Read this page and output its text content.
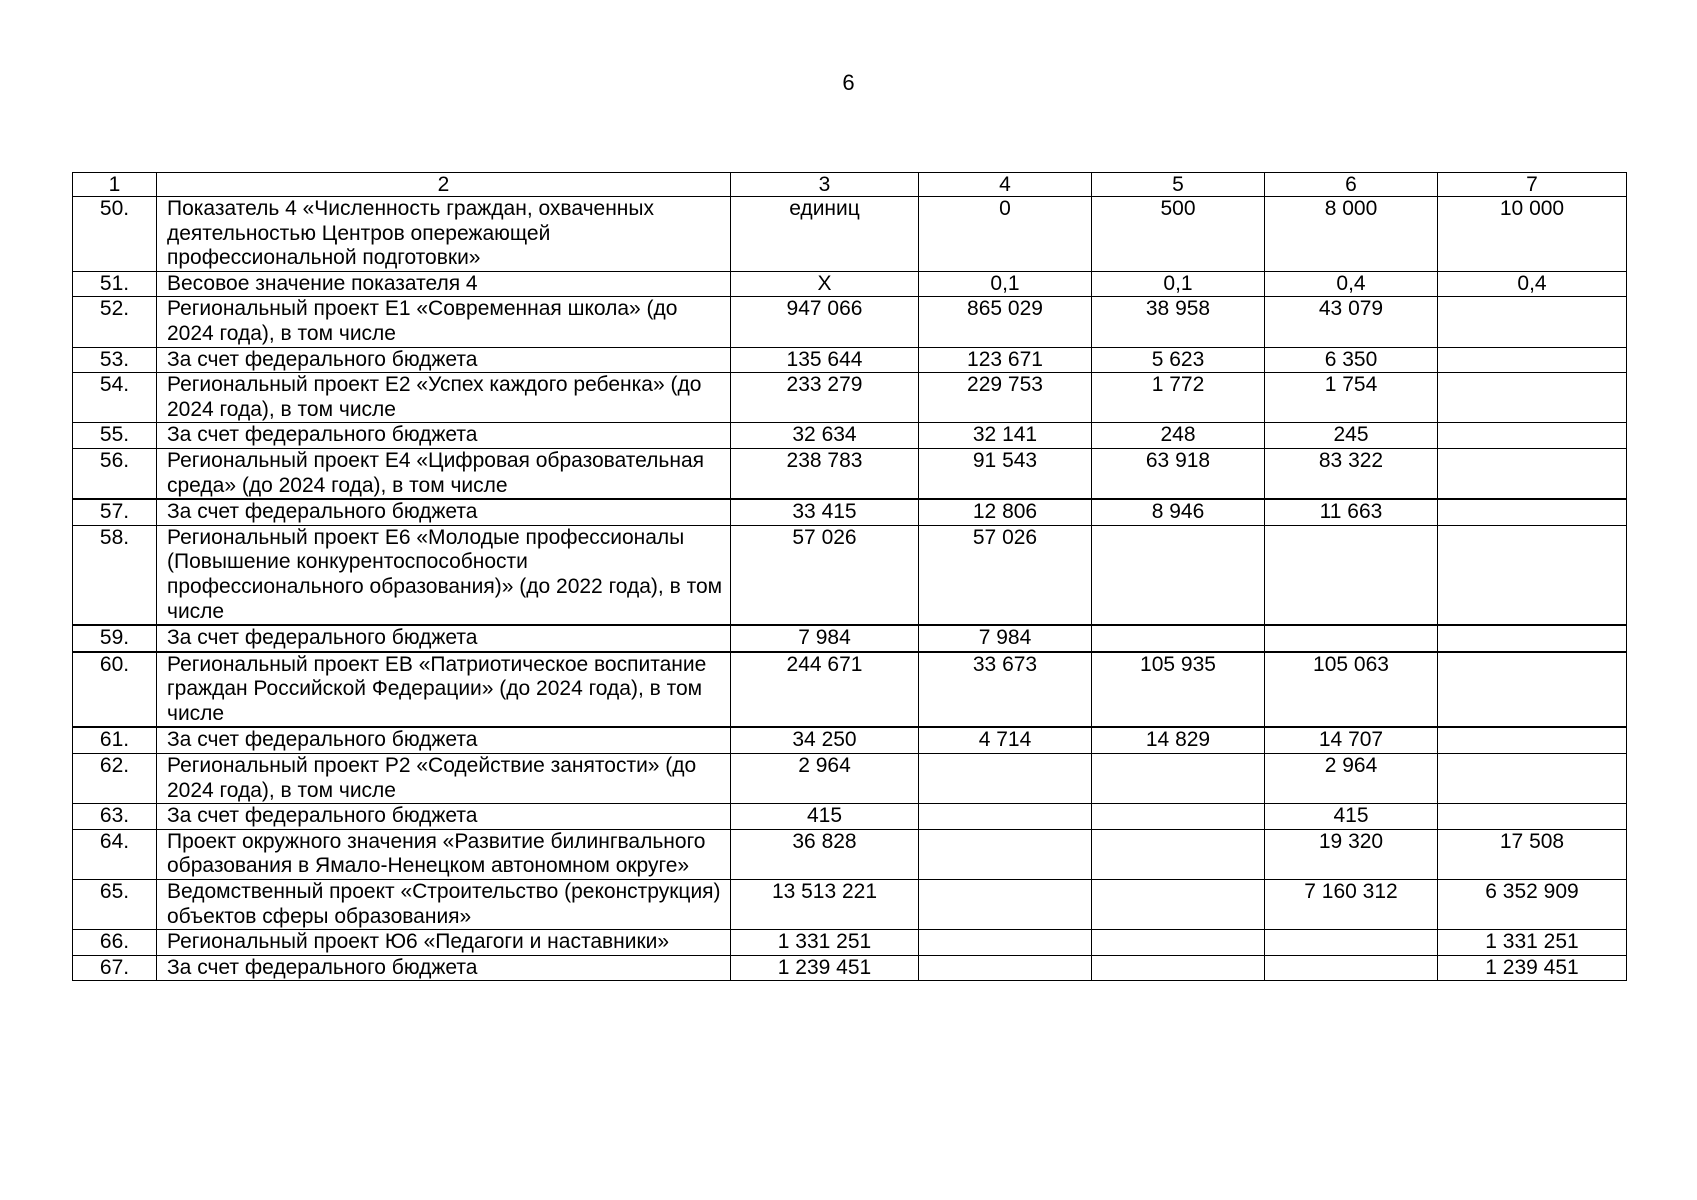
6
1	2	3	4	5	6	7
50.	Показатель 4 «Численность граждан, охваченных деятельностью Центров опережающей профессиональной подготовки»	единиц	0	500	8 000	10 000
51.	Весовое значение показателя 4	Х	0,1	0,1	0,4	0,4
52.	Региональный проект Е1 «Современная школа» (до 2024 года), в том числе	947 066	865 029	38 958	43 079	
53.	За счет федерального бюджета	135 644	123 671	5 623	6 350	
54.	Региональный проект Е2 «Успех каждого ребенка» (до 2024 года), в том числе	233 279	229 753	1 772	1 754	
55.	За счет федерального бюджета	32 634	32 141	248	245	
56.	Региональный проект Е4 «Цифровая образовательная среда» (до 2024 года), в том числе	238 783	91 543	63 918	83 322	
57.	За счет федерального бюджета	33 415	12 806	8 946	11 663	
58.	Региональный проект Е6 «Молодые профессионалы (Повышение конкурентоспособности профессионального образования)» (до 2022 года), в том числе	57 026	57 026			
59.	За счет федерального бюджета	7 984	7 984			
60.	Региональный проект ЕВ «Патриотическое воспитание граждан Российской Федерации» (до 2024 года), в том числе	244 671	33 673	105 935	105 063	
61.	За счет федерального бюджета	34 250	4 714	14 829	14 707	
62.	Региональный проект Р2 «Содействие занятости» (до 2024 года), в том числе	2 964			2 964	
63.	За счет федерального бюджета	415			415	
64.	Проект окружного значения «Развитие билингвального образования в Ямало-Ненецком автономном округе»	36 828			19 320	17 508
65.	Ведомственный проект «Строительство (реконструкция) объектов сферы образования»	13 513 221			7 160 312	6 352 909
66.	Региональный проект Ю6 «Педагоги и наставники»	1 331 251				1 331 251
67.	За счет федерального бюджета	1 239 451				1 239 451
